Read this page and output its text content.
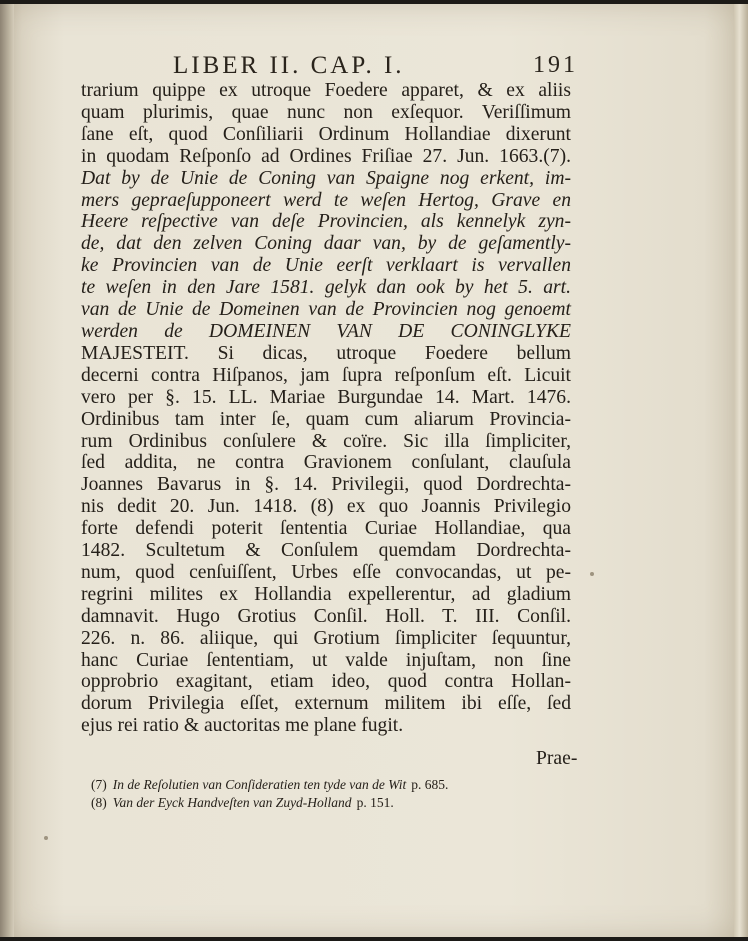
LIBER II. CAP. I.	191
trarium quippe ex utroque Foedere apparet, & ex aliis
quam plurimis, quae nunc non exſequor. Veriſſimum
ſane eſt, quod Conſiliarii Ordinum Hollandiae dixerunt
in quodam Reſponſo ad Ordines Friſiae 27. Jun. 1663.(7).
Dat by de Unie de Coning van Spaigne nog erkent, im-
mers gepraeſupponeert werd te weſen Hertog, Grave en
Heere reſpective van deſe Provincien, als kennelyk zyn-
de, dat den zelven Coning daar van, by de geſamently-
ke Provincien van de Unie eerſt verklaart is vervallen
te weſen in den Jare 1581. gelyk dan ook by het 5. art.
van de Unie de Domeinen van de Provincien nog genoemt
werden de DOMEINEN VAN DE CONINGLYKE
MAJESTEIT. Si dicas, utroque Foedere bellum
decerni contra Hiſpanos, jam ſupra reſponſum eſt. Licuit
vero per §. 15. LL. Mariae Burgundae 14. Mart. 1476.
Ordinibus tam inter ſe, quam cum aliarum Provincia-
rum Ordinibus conſulere & coïre. Sic illa ſimpliciter,
ſed addita, ne contra Gravionem conſulant, clauſula
Joannes Bavarus in §. 14. Privilegii, quod Dordrechta-
nis dedit 20. Jun. 1418. (8) ex quo Joannis Privilegio
forte defendi poterit ſententia Curiae Hollandiae, qua
1482. Scultetum & Conſulem quemdam Dordrechta-
num, quod cenſuiſſent, Urbes eſſe convocandas, ut pe-
regrini milites ex Hollandia expellerentur, ad gladium
damnavit. Hugo Grotius Conſil. Holl. T. III. Conſil.
226. n. 86. aliique, qui Grotium ſimpliciter ſequuntur,
hanc Curiae ſententiam, ut valde injuſtam, non ſine
opprobrio exagitant, etiam ideo, quod contra Hollan-
dorum Privilegia eſſet, externum militem ibi eſſe, ſed
ejus rei ratio & auctoritas me plane fugit.
Prae-
(7) In de Reſolutien van Conſideratien ten tyde van de Wit p. 685.
(8) Van der Eyck Handveſten van Zuyd-Holland p. 151.
